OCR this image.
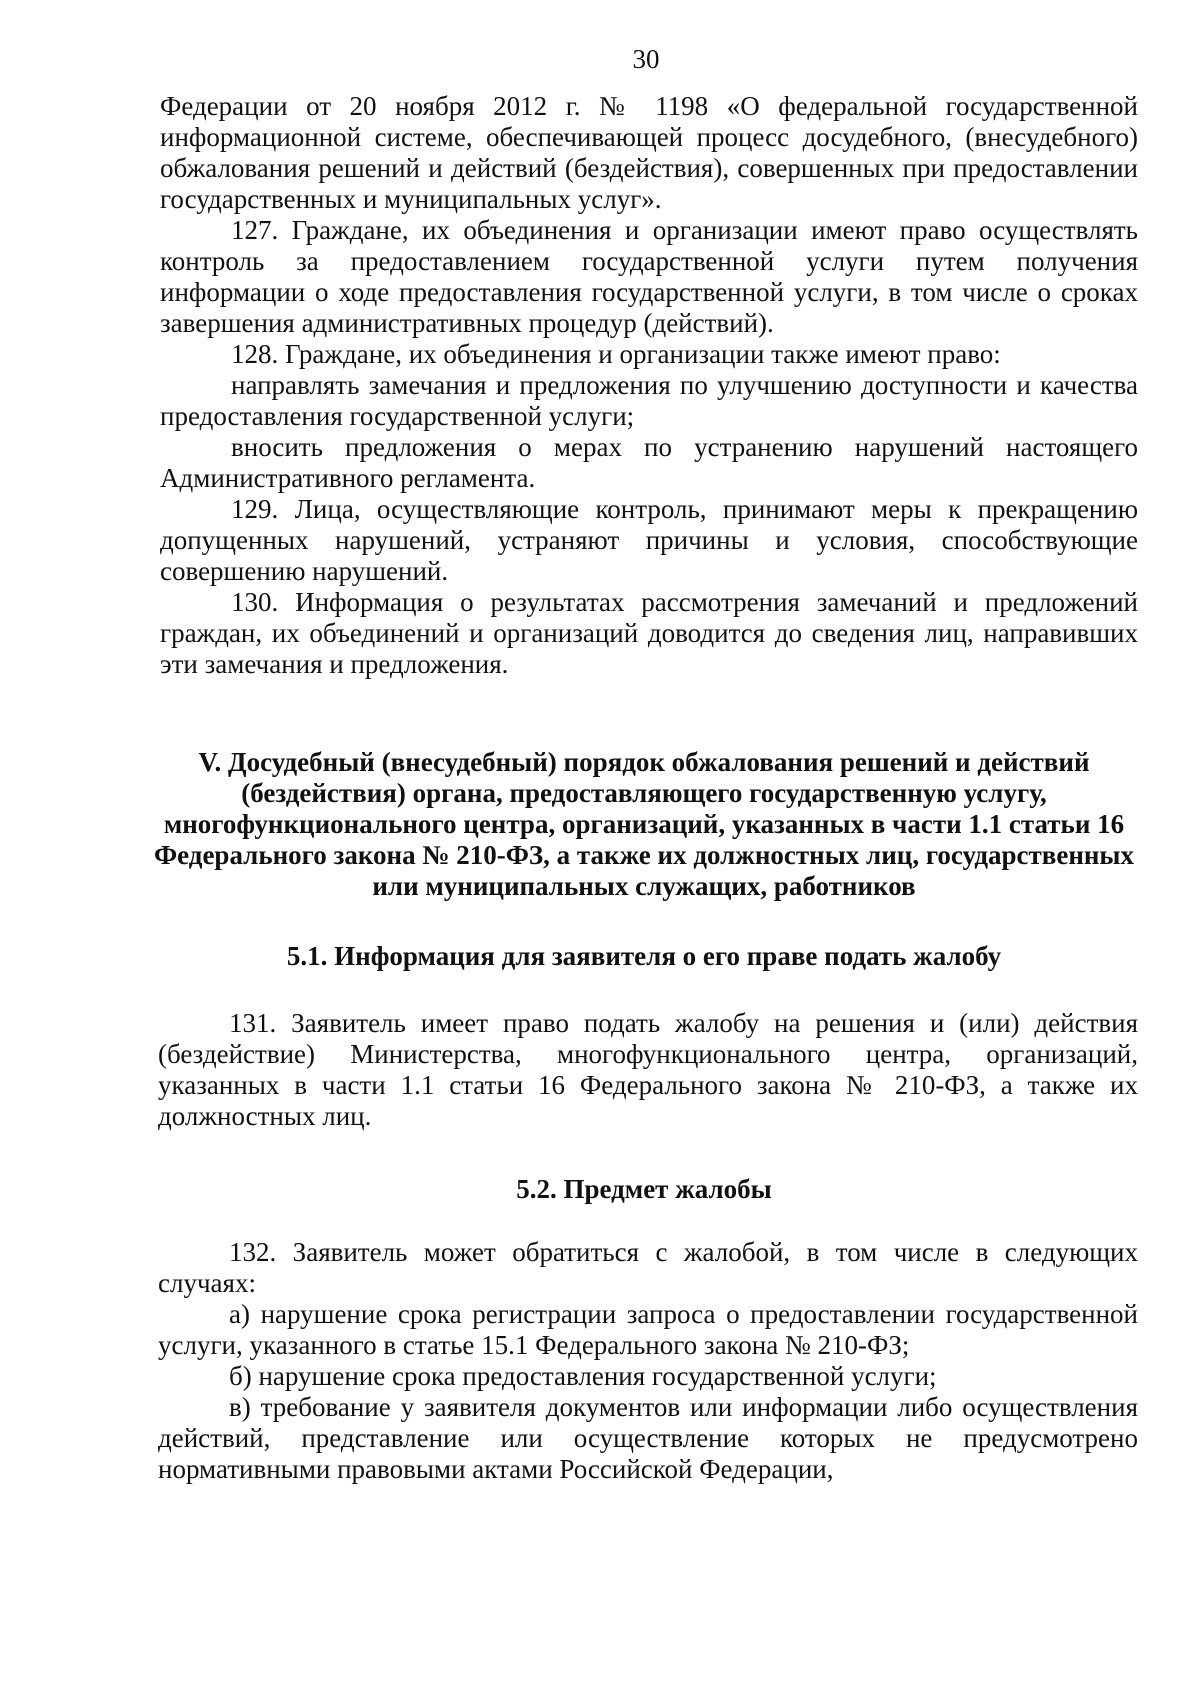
30

Федерации от 20 ноября 2012 г. № 1198 «О федеральной государственной информационной системе, обеспечивающей процесс досудебного, (внесудебного) обжалования решений и действий (бездействия), совершенных при предоставлении государственных и муниципальных услуг».

127. Граждане, их объединения и организации имеют право осуществлять контроль за предоставлением государственной услуги путем получения информации о ходе предоставления государственной услуги, в том числе о сроках завершения административных процедур (действий).

128. Граждане, их объединения и организации также имеют право:

направлять замечания и предложения по улучшению доступности и качества предоставления государственной услуги;

вносить предложения о мерах по устранению нарушений настоящего Административного регламента.

129. Лица, осуществляющие контроль, принимают меры к прекращению допущенных нарушений, устраняют причины и условия, способствующие совершению нарушений.

130. Информация о результатах рассмотрения замечаний и предложений граждан, их объединений и организаций доводится до сведения лиц, направивших эти замечания и предложения.

V. Досудебный (внесудебный) порядок обжалования решений и действий (бездействия) органа, предоставляющего государственную услугу, многофункционального центра, организаций, указанных в части 1.1 статьи 16 Федерального закона № 210-ФЗ, а также их должностных лиц, государственных или муниципальных служащих, работников

5.1. Информация для заявителя о его праве подать жалобу

131. Заявитель имеет право подать жалобу на решения и (или) действия (бездействие) Министерства, многофункционального центра, организаций, указанных в части 1.1 статьи 16 Федерального закона № 210-ФЗ, а также их должностных лиц.

5.2. Предмет жалобы

132. Заявитель может обратиться с жалобой, в том числе в следующих случаях:

а) нарушение срока регистрации запроса о предоставлении государственной услуги, указанного в статье 15.1 Федерального закона № 210-ФЗ;

б) нарушение срока предоставления государственной услуги;

в) требование у заявителя документов или информации либо осуществления действий, представление или осуществление которых не предусмотрено нормативными правовыми актами Российской Федерации,
